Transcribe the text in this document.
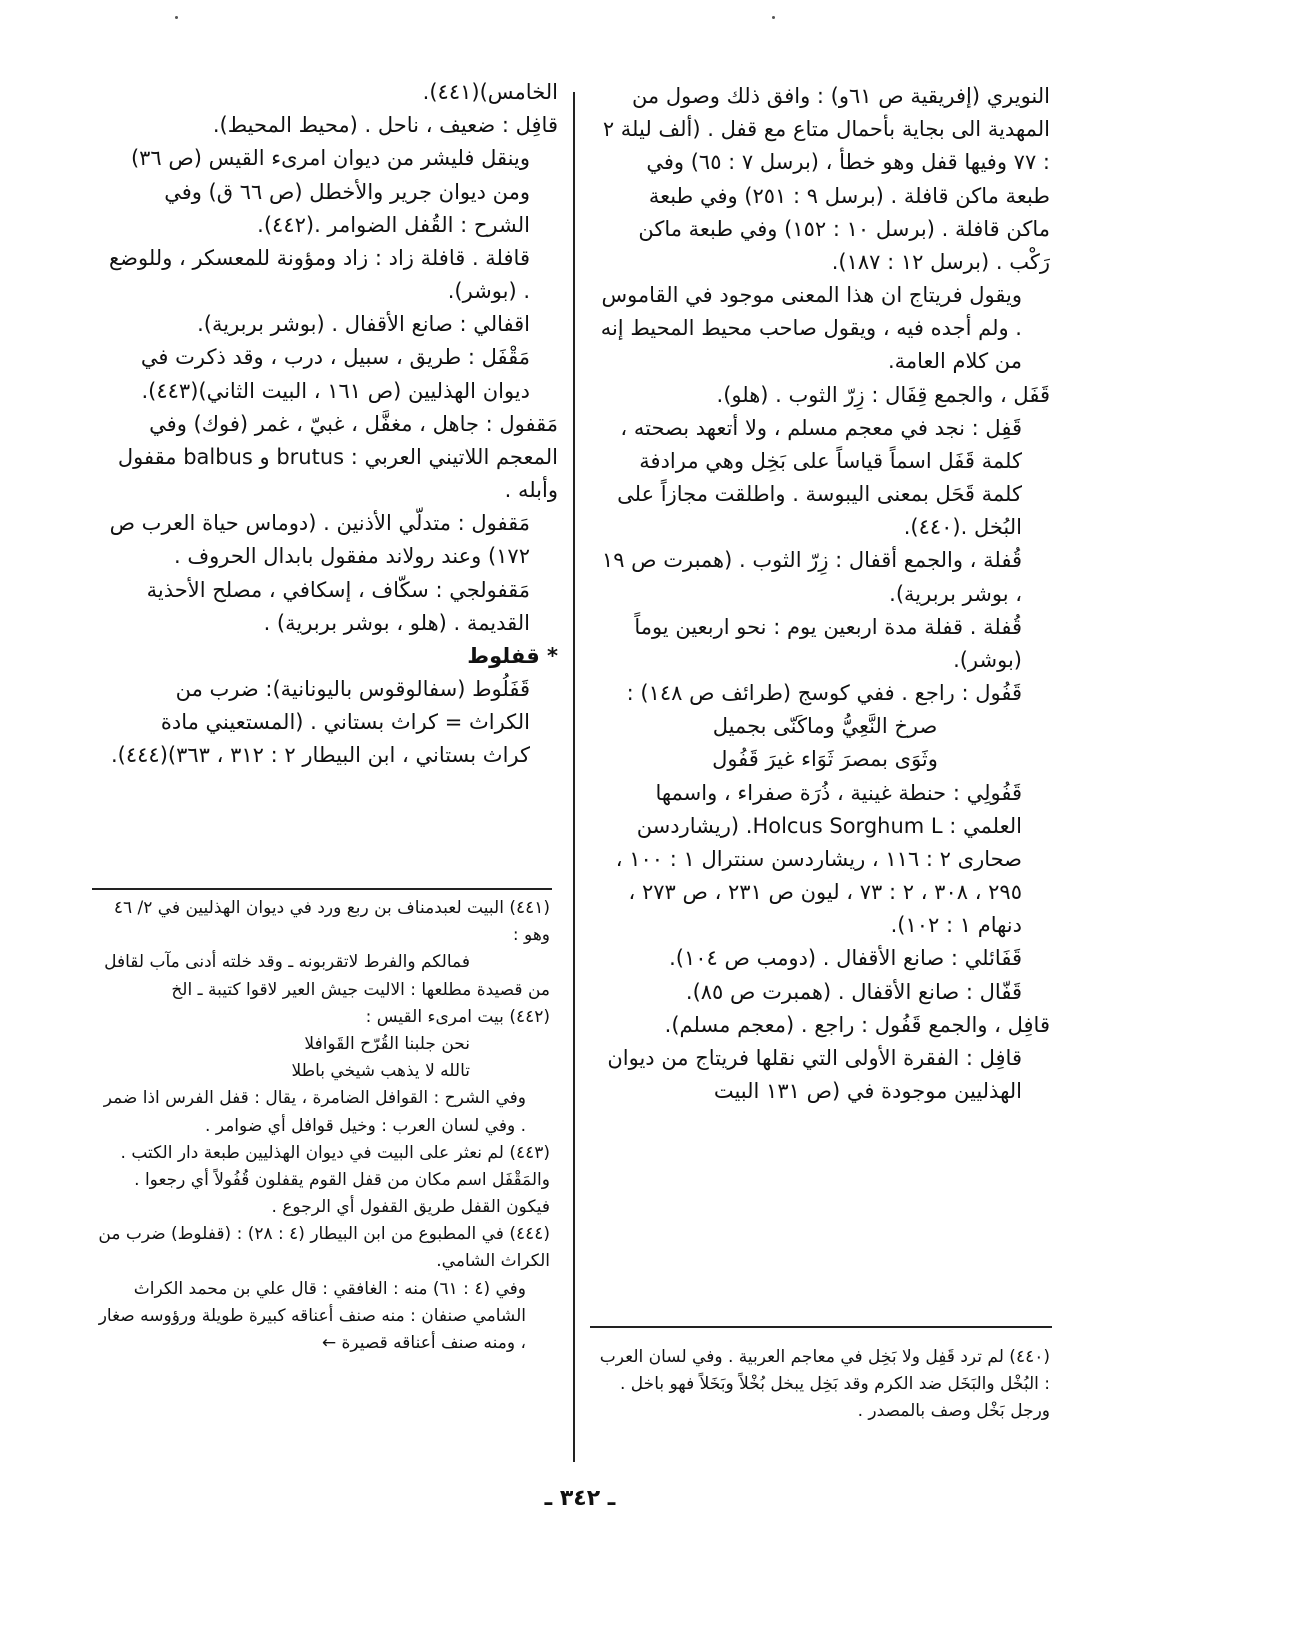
النويري (إفريقية ص ٦١و) : وافق ذلك وصول من المهدية الى بجاية بأحمال متاع مع قفل . (ألف ليلة ٢ : ٧٧ وفيها قفل وهو خطأ ، (برسل ٧ : ٦٥) وفي طبعة ماكن قافلة . (برسل ٩ : ٢٥١) وفي طبعة ماكن قافلة . (برسل ١٠ : ١٥٢) وفي طبعة ماكن رَكْب . (برسل ١٢ : ١٨٧).

ويقول فريتاج ان هذا المعنى موجود في القاموس . ولم أجده فيه ، ويقول صاحب محيط المحيط إنه من كلام العامة.

قَفَل ، والجمع قِفَال : زِرّ الثوب . (هلو).

قَفِل : نجد في معجم مسلم ، ولا أتعهد بصحته ، كلمة قَفَل اسماً قياساً على بَخِل وهي مرادفة كلمة قَحَل بمعنى اليبوسة . واطلقت مجازاً على البُخل .(٤٤٠).

قُفلة ، والجمع أقفال : زِرّ الثوب . (همبرت ص ١٩ ، بوشر بربرية).

قُفلة . قفلة مدة اربعين يوم : نحو اربعين يوماً (بوشر).

قَفُول : راجع . ففي كوسج (طرائف ص ١٤٨) :

صرخ النَّعِيُّ وماكَنّى بجميل

وثَوَى بمصرَ ثَوَاء غيرَ قَفُول

قَفُولِي : حنطة غينية ، ذُرَة صفراء ، واسمها العلمي : Holcus Sorghum L. (ريشاردسن صحارى ٢ : ١١٦ ، ريشاردسن سنترال ١ : ١٠٠ ، ٢٩٥ ، ٣٠٨ ، ٢ : ٧٣ ، ليون ص ٢٣١ ، ص ٢٧٣ ، دنهام ١ : ١٠٢).

قَفَائلي : صانع الأقفال . (دومب ص ١٠٤).

قَفّال : صانع الأقفال . (همبرت ص ٨٥).

قافِل ، والجمع قَفُول : راجع . (معجم مسلم).

قافِل : الفقرة الأولى التي نقلها فريتاج من ديوان الهذليين موجودة في (ص ١٣١ البيت

الخامس)(٤٤١).

قافِل : ضعيف ، ناحل . (محيط المحيط).

وينقل فليشر من ديوان امرىء القيس (ص ٣٦) ومن ديوان جرير والأخطل (ص ٦٦ ق) وفي الشرح : القُفل الضوامر .(٤٤٢).

قافلة . قافلة زاد : زاد ومؤونة للمعسكر ، وللوضع . (بوشر).

اقفالي : صانع الأقفال . (بوشر بربرية).

مَقْفَل : طريق ، سبيل ، درب ، وقد ذكرت في ديوان الهذليين (ص ١٦١ ، البيت الثاني)(٤٤٣).

مَقفول : جاهل ، مغفَّل ، غبيّ ، غمر (فوك) وفي المعجم اللاتيني العربي : brutus و balbus مقفول وأبله .

مَقفول : متدلّي الأذنين . (دوماس حياة العرب ص ١٧٢) وعند رولاند مفقول بابدال الحروف .

مَقفولجي : سكّاف ، إسكافي ، مصلح الأحذية القديمة . (هلو ، بوشر بربرية) .

* قفلوط

قَفَلُوط (سفالوقوس باليونانية): ضرب من الكراث = كراث بستاني . (المستعيني مادة كراث بستاني ، ابن البيطار ٢ : ٣١٢ ، ٣٦٣)(٤٤٤).

(٤٤١) البيت لعبدمناف بن ربع ورد في ديوان الهذليين في ٢/ ٤٦ وهو :

فمالكم والفرط لاتقربونه ـ وقد خلته أدنى مآب لقافل

من قصيدة مطلعها : الاليت جيش العير لاقوا كتيبة ـ الخ

(٤٤٢) بيت امرىء القيس :

نحن جلبنا القُرّح القَوافلا

تالله لا يذهب شيخي باطلا

وفي الشرح : القوافل الضامرة ، يقال : قفل الفرس اذا ضمر . وفي لسان العرب : وخيل قوافل أي ضوامر .

(٤٤٣) لم نعثر على البيت في ديوان الهذليين طبعة دار الكتب . والمَقْفَل اسم مكان من قفل القوم يقفلون قُفُولاً أي رجعوا . فيكون القفل طريق القفول أي الرجوع .

(٤٤٤) في المطبوع من ابن البيطار (٤ : ٢٨) : (قفلوط) ضرب من الكراث الشامي.

وفي (٤ : ٦١) منه : الغافقي : قال علي بن محمد الكراث الشامي صنفان : منه صنف أعناقه كبيرة طويلة ورؤوسه صغار ، ومنه صنف أعناقه قصيرة ←

(٤٤٠) لم ترد قَفِل ولا بَخِل في معاجم العربية . وفي لسان العرب : البُخْل والبَخَل ضد الكرم وقد بَخِل يبخل بُخْلاً وبَخَلاً فهو باخل . ورجل بَخْل وصف بالمصدر .

ـ ٣٤٢ ـ
